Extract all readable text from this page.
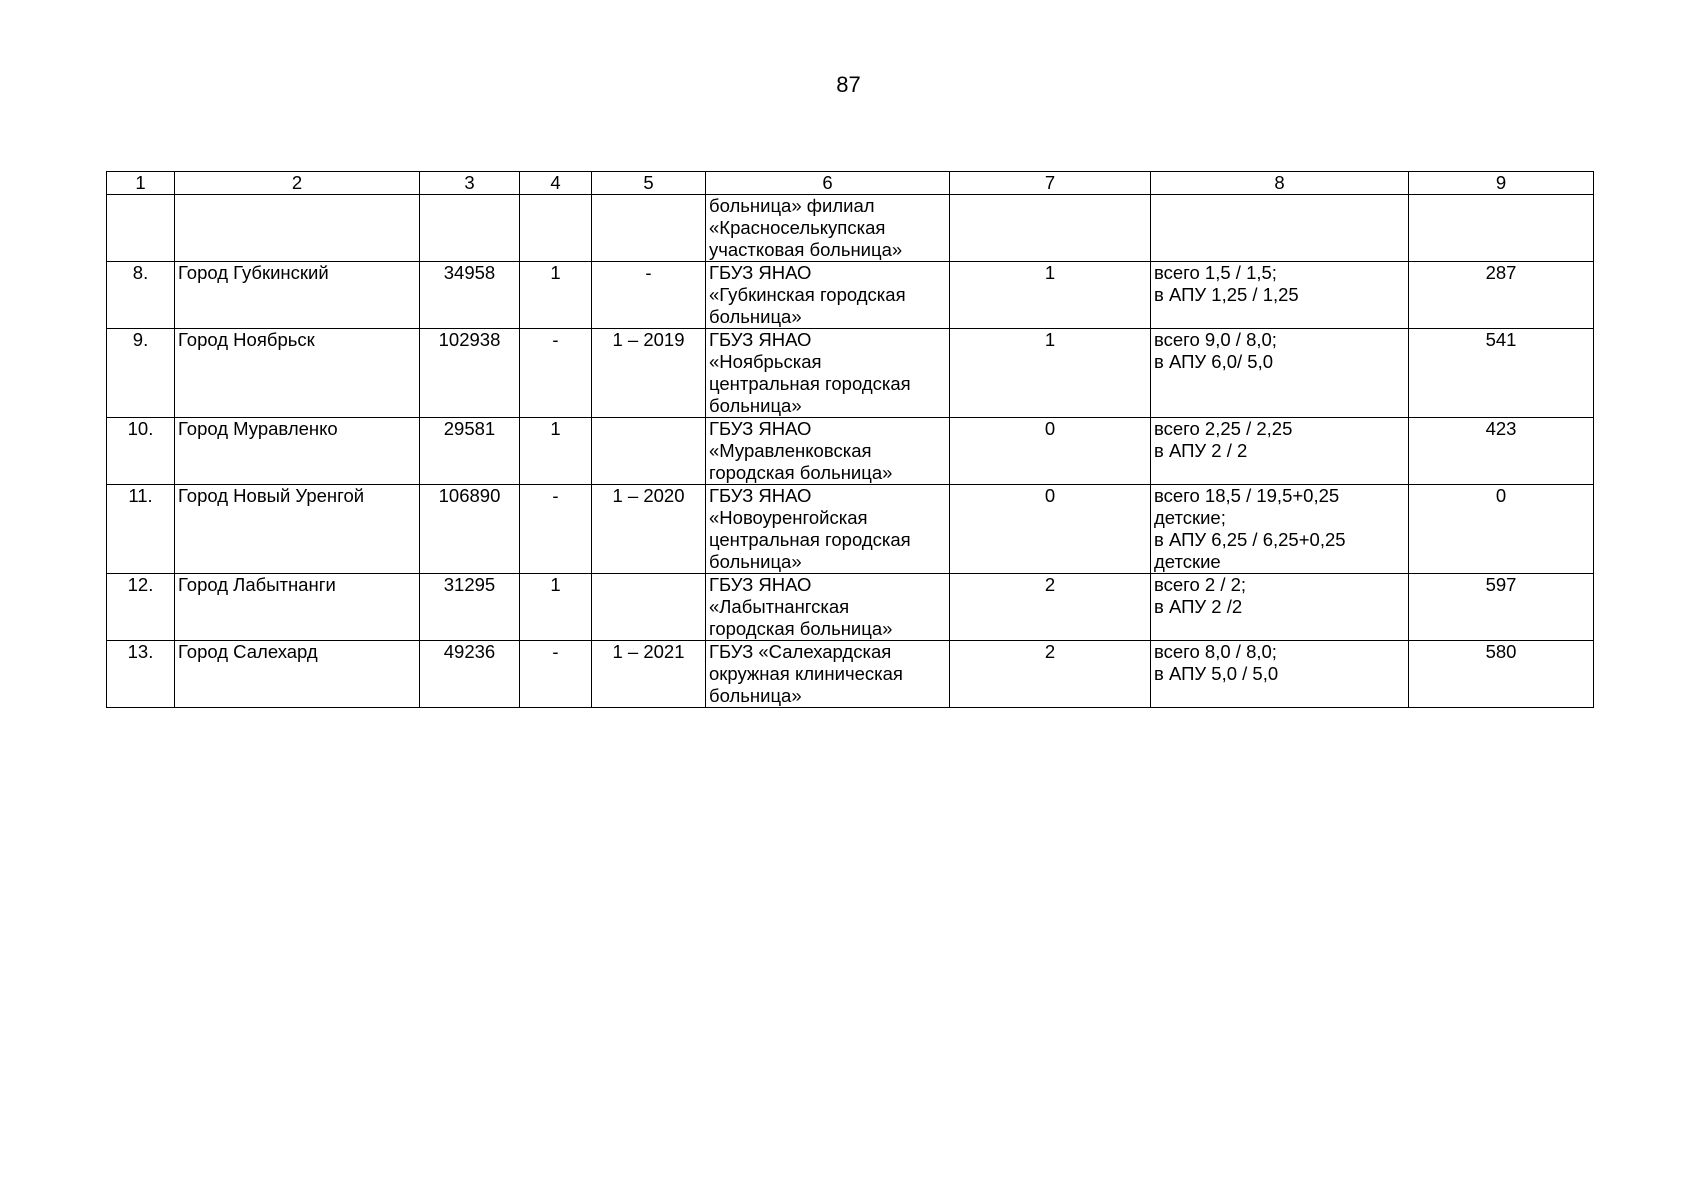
87
1	2	3	4	5	6	7	8	9

					больница» филиал
«Красноселькупская
участковая больница»			

8.	Город Губкинский	34958	1	-	ГБУЗ ЯНАО
«Губкинская городская
больница»	1	всего 1,5 / 1,5;
в АПУ 1,25 / 1,25	287
9.	Город Ноябрьск	102938	-	1 – 2019	ГБУЗ ЯНАО
«Ноябрьская
центральная городская
больница»	1	всего 9,0 / 8,0;
в АПУ 6,0/ 5,0	541
10.	Город Муравленко	29581	1		ГБУЗ ЯНАО
«Муравленковская
городская больница»	0	всего 2,25 / 2,25
в АПУ 2 / 2	423
11.	Город Новый Уренгой	106890	-	1 – 2020	ГБУЗ ЯНАО
«Новоуренгойская
центральная городская
больница»	0	всего 18,5 / 19,5+0,25
детские;
в АПУ 6,25 / 6,25+0,25
детские	0
12.	Город Лабытнанги	31295	1		ГБУЗ ЯНАО
«Лабытнангская
городская больница»	2	всего 2 / 2;
в АПУ 2 /2	597
13.	Город Салехард	49236	-	1 – 2021	ГБУЗ «Салехардская
окружная клиническая
больница»	2	всего 8,0 / 8,0;
в АПУ 5,0 / 5,0	580
